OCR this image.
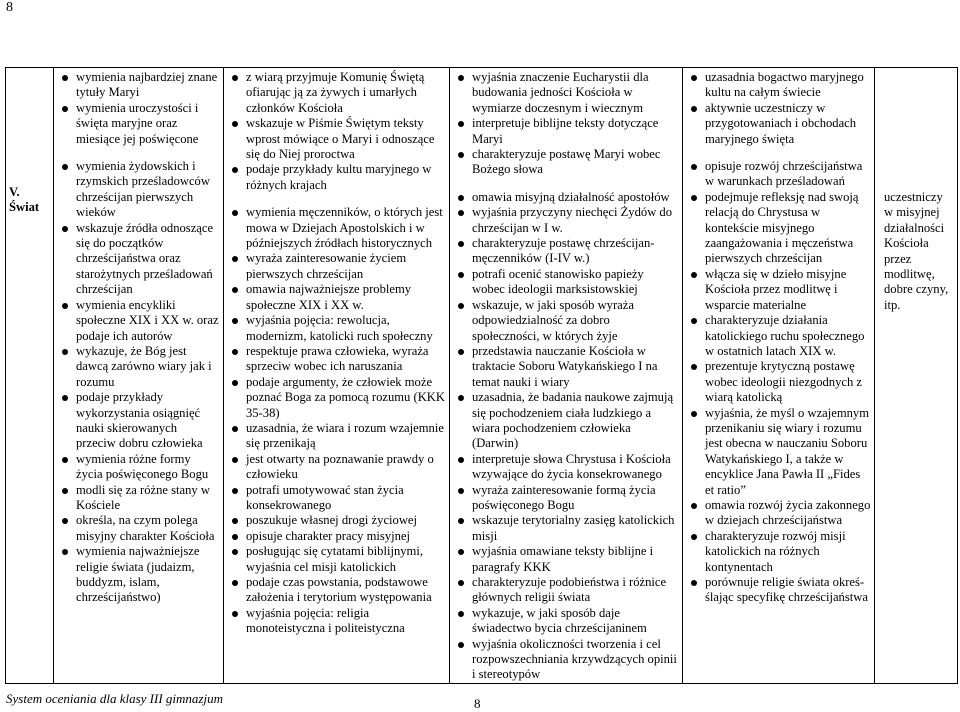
8
V.
Świat	
wymienia najbardziej znane tytuły Maryi
wymienia uroczystości i święta maryjne oraz miesiące jej poświęcone
wymienia żydowskich i rzymskich prześladowców chrześcijan pierwszych wieków
wskazuje źródła odnoszące się do początków chrześcijaństwa oraz starożytnych prześladowań chrześcijan
wymienia encykliki społeczne XIX i XX w. oraz podaje ich autorów
wykazuje, że Bóg jest dawcą zarówno wiary jak i rozumu
podaje przykłady wykorzystania osiągnięć nauki skierowanych przeciw dobru człowieka
wymienia różne formy życia poświęconego Bogu
modli się za różne stany w Kościele
określa, na czym polega misyjny charakter Kościoła
wymienia najważniejsze religie świata (judaizm, buddyzm, islam, chrześcijaństwo)

z wiarą przyjmuje Komunię Świętą ofiarując ją za żywych i umarłych członków Kościoła
wskazuje w Piśmie Świętym teksty wprost mówiące o Maryi i odnoszące się do Niej proroctwa
podaje przykłady kultu maryjnego w różnych krajach
wymienia męczenników, o których jest mowa w Dziejach Apostolskich i w późniejszych źródłach historycznych
wyraża zainteresowanie życiem pierwszych chrześcijan
omawia najważniejsze problemy społeczne XIX i XX w.
wyjaśnia pojęcia: rewolucja, modernizm, katolicki ruch społeczny
respektuje prawa człowieka, wyraża sprzeciw wobec ich naruszania
podaje argumenty, że człowiek może poznać Boga za pomocą rozumu (KKK 35-38)
uzasadnia, że wiara i rozum wzajemnie się przenikają
jest otwarty na poznawanie prawdy o człowieku
potrafi umotywować stan życia konsekrowanego
poszukuje własnej drogi życiowej
opisuje charakter pracy misyjnej
posługując się cytatami biblijnymi, wyjaśnia cel misji katolickich
podaje czas powstania, podstawowe założenia i terytorium występowania
wyjaśnia pojęcia: religia monoteistyczna i politeistyczna

wyjaśnia znaczenie Eucharystii dla budowania jedności Kościoła w wymiarze doczesnym i wiecznym
interpretuje biblijne teksty dotyczące Maryi
charakteryzuje postawę Maryi wobec Bożego słowa
omawia misyjną działalność apostołów
wyjaśnia przyczyny niechęci Żydów do chrześcijan w I w.
charakteryzuje postawę chrześcijan-męczenników (I-IV w.)
potrafi ocenić stanowisko papieży wobec ideologii marksistowskiej
wskazuje, w jaki sposób wyraża odpowiedzialność za dobro społeczności, w których żyje
przedstawia nauczanie Kościoła w traktacie Soboru Watykańskiego I na temat nauki i wiary
uzasadnia, że badania naukowe zajmują się pochodzeniem ciała ludzkiego a wiara pochodzeniem człowieka (Darwin)
interpretuje słowa Chrystusa i Kościoła wzywające do życia konsekrowanego
wyraża zainteresowanie formą życia poświęconego Bogu
wskazuje terytorialny zasięg katolickich misji
wyjaśnia omawiane teksty biblijne i paragrafy KKK
charakteryzuje podobieństwa i różnice głównych religii świata
wykazuje, w jaki sposób daje świadectwo bycia chrześcijaninem
wyjaśnia okoliczności tworzenia i cel rozpowszechniania krzywdzących opinii i stereotypów

uzasadnia bogactwo maryjnego kultu na całym świecie
aktywnie uczestniczy w przygotowaniach i obchodach maryjnego święta
opisuje rozwój chrześcijaństwa w warunkach prześladowań
podejmuje refleksję nad swoją relacją do Chrystusa w kontekście misyjnego zaangażowania i męczeństwa pierwszych chrześcijan
włącza się w dzieło misyjne Kościoła przez modlitwę i wsparcie materialne
charakteryzuje działania katolickiego ruchu społecznego w ostatnich latach XIX w.
prezentuje krytyczną postawę wobec ideologii niezgodnych z wiarą katolicką
wyjaśnia, że myśl o wzajemnym przenikaniu się wiary i rozumu jest obecna w nauczaniu Soboru Watykańskiego I, a także w encyklice Jana Pawła II „Fides et ratio”
omawia rozwój życia zakonnego w dziejach chrześcijaństwa
charakteryzuje rozwój misji katolickich na różnych kontynentach
porównuje religie świata okreś-ślając specyfikę chrześcijaństwa

uczestniczy w misyjnej działalności Kościoła przez modlitwę, dobre czyny, itp.
System oceniania dla klasy III gimnazjum	8
